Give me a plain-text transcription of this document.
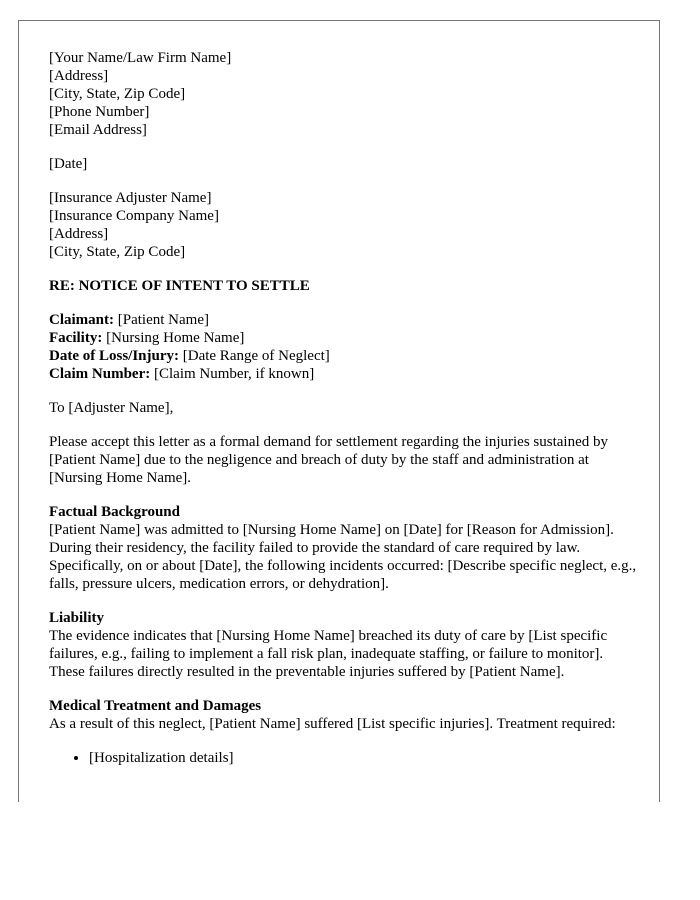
[Your Name/Law Firm Name]
[Address]
[City, State, Zip Code]
[Phone Number]
[Email Address]
[Date]
[Insurance Adjuster Name]
[Insurance Company Name]
[Address]
[City, State, Zip Code]
RE: NOTICE OF INTENT TO SETTLE
Claimant: [Patient Name]
Facility: [Nursing Home Name]
Date of Loss/Injury: [Date Range of Neglect]
Claim Number: [Claim Number, if known]

To [Adjuster Name],

Please accept this letter as a formal demand for settlement regarding the injuries sustained by [Patient Name] due to the negligence and breach of duty by the staff and administration at [Nursing Home Name].

Factual Background
[Patient Name] was admitted to [Nursing Home Name] on [Date] for [Reason for Admission]. During their residency, the facility failed to provide the standard of care required by law. Specifically, on or about [Date], the following incidents occurred: [Describe specific neglect, e.g., falls, pressure ulcers, medication errors, or dehydration].
Liability
The evidence indicates that [Nursing Home Name] breached its duty of care by [List specific failures, e.g., failing to implement a fall risk plan, inadequate staffing, or failure to monitor]. These failures directly resulted in the preventable injuries suffered by [Patient Name].
Medical Treatment and Damages
As a result of this neglect, [Patient Name] suffered [List specific injuries]. Treatment required:
• [Hospitalization details]
